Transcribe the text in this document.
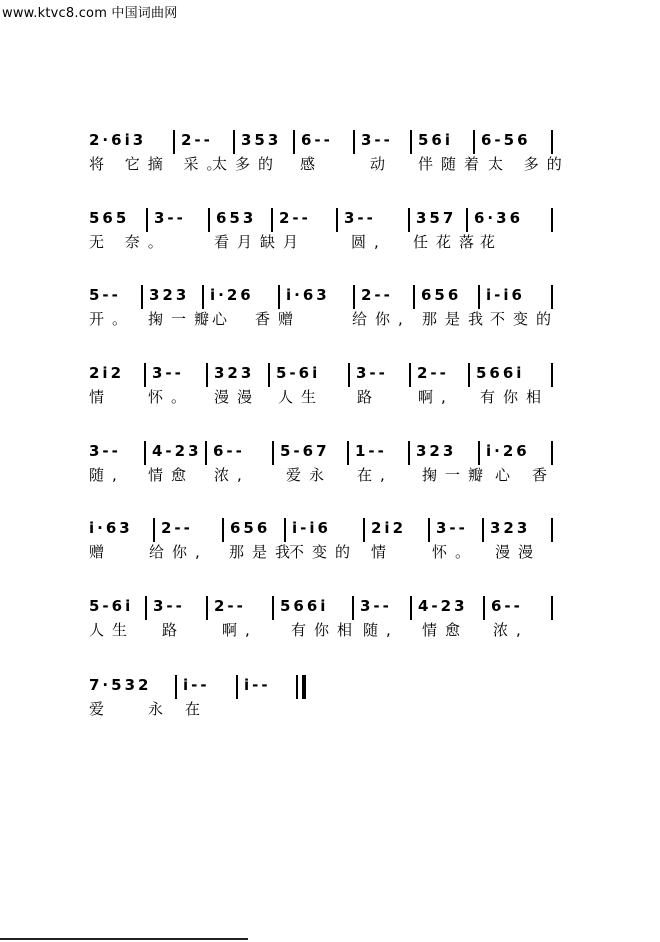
www.ktvc8.com 中国词曲网
2·6i3 2-- 353 6-- 3-- 56i 6-56
将 它摘 采。
太多的 感	动 伴随着 太 多的
565 3-- 653 2-- 3--	357 6·36
无 奈。	看月缺 月	圆, 任花落
花
5-- 323 i·26 i·63 2-- 656 i-i6
开。 掬一瓣
心 香赠	给你, 那是我
不变的
2i2 3-- 323 5-6i 3-- 2-- 566i
情 怀。 漫漫 人生 路	啊, 有你相
3-- 4-23 6-- 5-67 1-- 323 i·26
随, 情愈 浓, 爱永 在, 掬一瓣 心 香
i·63 2-- 656 i-i6	2i2 3-- 323
赠 给你, 那是我
不变的 情	怀。 漫漫
5-6i 3-- 2-- 566i 3-- 4-23 6--
人生 路 啊, 有你相 随, 情愈 浓,
7·532 i-- i--
爱 永 在
